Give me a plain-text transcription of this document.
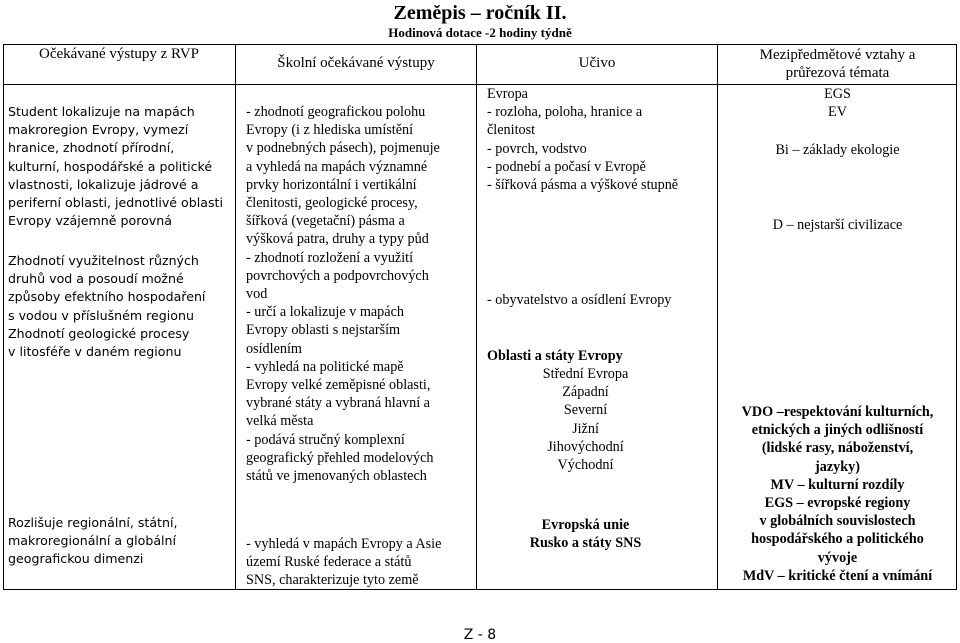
Zeměpis – ročník II.
Hodinová dotace -2 hodiny týdně
Očekávané výstupy z RVP
Školní očekávané výstupy	Učivo	Mezipředmětové vztahy a
průřezová témata
Student lokalizuje na mapách
makroregion Evropy, vymezí
hranice, zhodnotí přírodní,
kulturní, hospodářské a politické
vlastnosti, lokalizuje jádrové a
periferní oblasti, jednotlivé oblasti
Evropy vzájemně porovná
Zhodnotí využitelnost různých
druhů vod a posoudí možné
způsoby efektního hospodaření
s vodou v příslušném regionu
Zhodnotí geologické procesy
v litosféře v daném regionu
Rozlišuje regionální, státní,
makroregionální a globální
geografickou dimenzi
- zhodnotí geografickou polohu
Evropy (i z hlediska umístění
v podnebných pásech), pojmenuje
a vyhledá na mapách významné
prvky horizontální i vertikální
členitosti, geologické procesy,
šířková (vegetační) pásma a
výšková patra, druhy a typy půd
- zhodnotí rozložení a využití
povrchových a podpovrchových
vod
- určí a lokalizuje v mapách
Evropy oblasti s nejstarším
osídlením
- vyhledá na politické mapě
Evropy velké zeměpisné oblasti,
vybrané státy a vybraná hlavní a
velká města
- podává stručný komplexní
geografický přehled modelových
států ve jmenovaných oblastech
- vyhledá v mapách Evropy a Asie
území Ruské federace a států
SNS, charakterizuje tyto země
Evropa
- rozloha, poloha, hranice a
členitost
- povrch, vodstvo
- podnebí a počasí v Evropě
- šířková pásma a výškové stupně
- obyvatelstvo a osídlení Evropy
Oblasti a státy Evropy
Střední Evropa
Západní
Severní
Jižní
Jihovýchodní
Východní
Evropská unie
Rusko a státy SNS
EGS
EV
Bi – základy ekologie
D – nejstarší civilizace
VDO –respektování kulturních,
etnických a jiných odlišností
(lidské rasy, náboženství,
jazyky)
MV – kulturní rozdíly
EGS – evropské regiony
v globálních souvislostech
hospodářského a politického
vývoje
MdV – kritické čtení a vnímání
Z - 8
